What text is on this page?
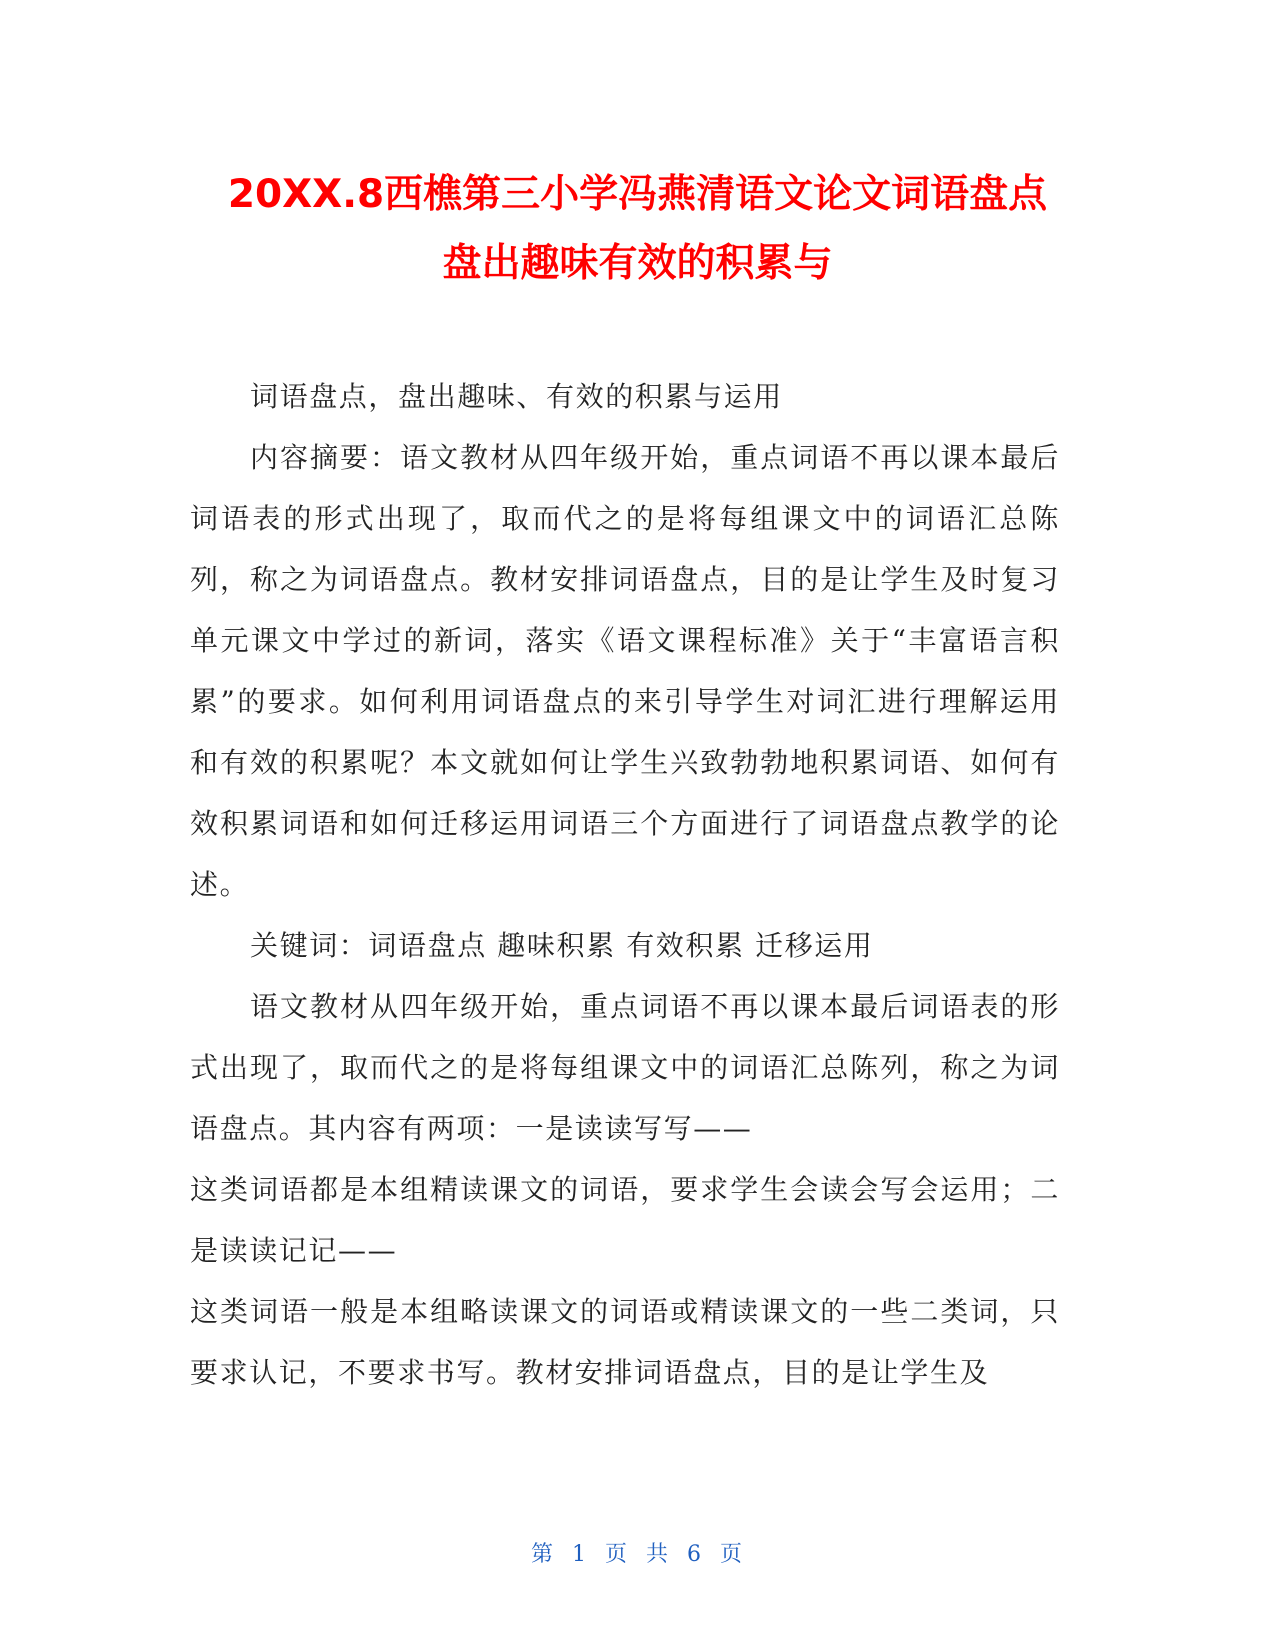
20XX.8西樵第三小学冯燕清语文论文词语盘点
盘出趣味有效的积累与

词语盘点，盘出趣味、有效的积累与运用

内容摘要：语文教材从四年级开始，重点词语不再以课本最后词语表的形式出现了，取而代之的是将每组课文中的词语汇总陈列，称之为词语盘点。教材安排词语盘点，目的是让学生及时复习单元课文中学过的新词，落实《语文课程标准》关于“丰富语言积累”的要求。如何利用词语盘点的来引导学生对词汇进行理解运用和有效的积累呢？本文就如何让学生兴致勃勃地积累词语、如何有效积累词语和如何迁移运用词语三个方面进行了词语盘点教学的论述。

关键词：词语盘点 趣味积累 有效积累 迁移运用

语文教材从四年级开始，重点词语不再以课本最后词语表的形式出现了，取而代之的是将每组课文中的词语汇总陈列，称之为词语盘点。其内容有两项：一是读读写写——

这类词语都是本组精读课文的词语，要求学生会读会写会运用；二是读读记记——

这类词语一般是本组略读课文的词语或精读课文的一些二类词，只要求认记，不要求书写。教材安排词语盘点，目的是让学生及

第 1 页 共 6 页
